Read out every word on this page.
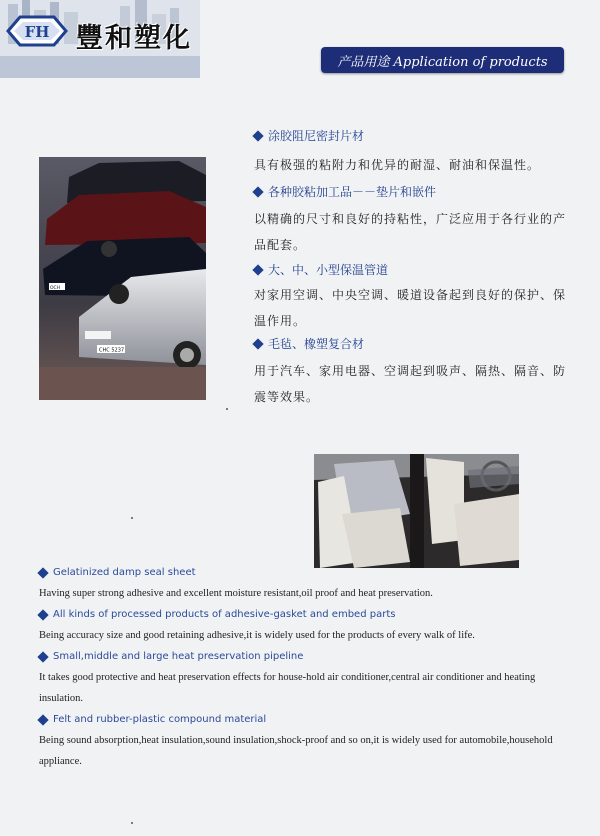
FH 豐和塑化
产品用途 Application of products
CHC 5237
OCH

涂胶阻尼密封片材

具有极强的粘附力和优异的耐湿、耐油和保温性。

各种胶粘加工品－－垫片和嵌件

以精确的尺寸和良好的持粘性，广泛应用于各行业的产品配套。

大、中、小型保温管道

对家用空调、中央空调、暖道设备起到良好的保护、保温作用。

毛毡、橡塑复合材

用于汽车、家用电器、空调起到吸声、隔热、隔音、防震等效果。

Gelatinized damp seal sheet

Having super strong adhesive and excellent moisture resistant,oil proof and heat preservation.

All kinds of processed products of adhesive-gasket and embed parts

Being accuracy size and good retaining adhesive,it is widely used for the products of every walk of life.

Small,middle and large heat preservation pipeline

It takes good protective and heat preservation effects for house-hold air conditioner,central air conditioner and heating insulation.

Felt and rubber-plastic compound material

Being sound absorption,heat insulation,sound insulation,shock-proof and so on,it is widely used for automobile,household appliance.
